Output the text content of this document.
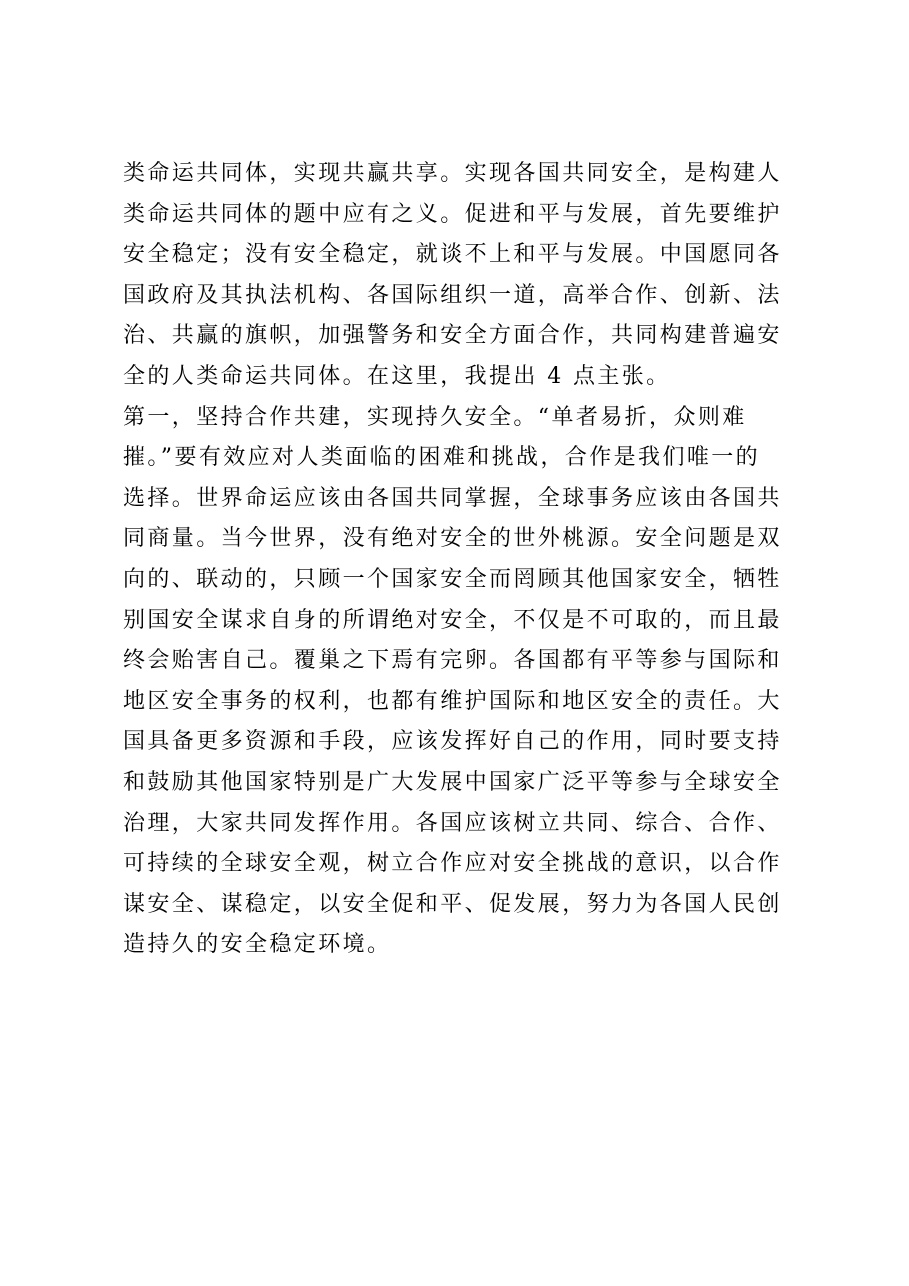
类命运共同体，实现共赢共享。实现各国共同安全，是构建人
类命运共同体的题中应有之义。促进和平与发展，首先要维护
安全稳定；没有安全稳定，就谈不上和平与发展。中国愿同各
国政府及其执法机构、各国际组织一道，高举合作、创新、法
治、共赢的旗帜，加强警务和安全方面合作，共同构建普遍安
全的人类命运共同体。在这里，我提出 4 点主张。
第一，坚持合作共建，实现持久安全。“单者易折，众则难
摧。”要有效应对人类面临的困难和挑战，合作是我们唯一的
选择。世界命运应该由各国共同掌握，全球事务应该由各国共
同商量。当今世界，没有绝对安全的世外桃源。安全问题是双
向的、联动的，只顾一个国家安全而罔顾其他国家安全，牺牲
别国安全谋求自身的所谓绝对安全，不仅是不可取的，而且最
终会贻害自己。覆巢之下焉有完卵。各国都有平等参与国际和
地区安全事务的权利，也都有维护国际和地区安全的责任。大
国具备更多资源和手段，应该发挥好自己的作用，同时要支持
和鼓励其他国家特别是广大发展中国家广泛平等参与全球安全
治理，大家共同发挥作用。各国应该树立共同、综合、合作、
可持续的全球安全观，树立合作应对安全挑战的意识，以合作
谋安全、谋稳定，以安全促和平、促发展，努力为各国人民创
造持久的安全稳定环境。
